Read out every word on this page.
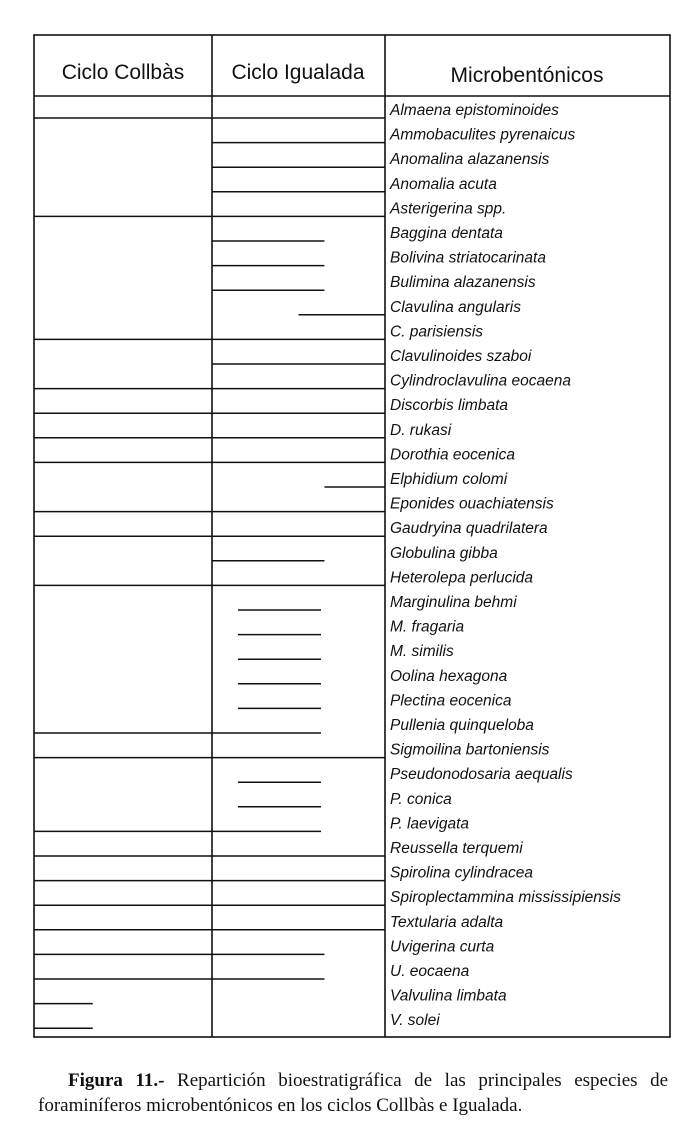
Ciclo Collbàs Ciclo Igualada	Microbentónicos
Almaena epistominoides
Ammobaculites pyrenaicus
Anomalina alazanensis
Anomalia acuta
Asterigerina spp.
Baggina dentata
Bolivina striatocarinata
Bulimina alazanensis
Clavulina angularis
C. parisiensis
Clavulinoides szaboi
Cylindroclavulina eocaena
Discorbis limbata
D. rukasi
Dorothia eocenica
Elphidium colomi
Eponides ouachiatensis
Gaudryina quadrilatera
Globulina gibba
Heterolepa perlucida
Marginulina behmi
M. fragaria
M. similis
Oolina hexagona
Plectina eocenica
Pullenia quinqueloba
Sigmoilina bartoniensis
Pseudonodosaria aequalis
P. conica
P. laevigata
Reussella terquemi
Spirolina cylindracea
Spiroplectammina mississipiensis
Textularia adalta
Uvigerina curta
U. eocaena
Valvulina limbata
V. solei
Figura 11.- Repartición bioestratigráfica de las principales especies de foraminíferos microbentónicos en los ciclos Collbàs e Igualada.
